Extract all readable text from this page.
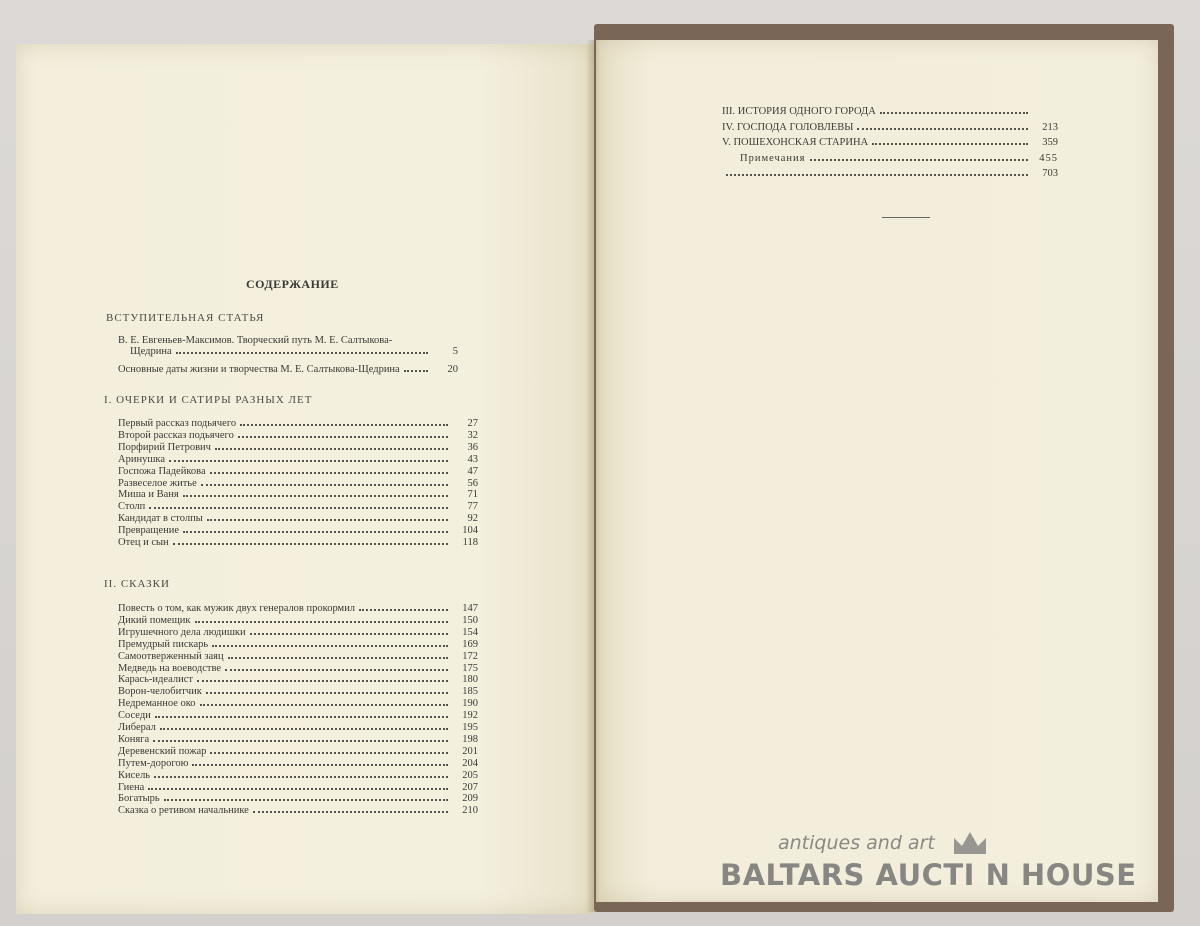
СОДЕРЖАНИЕ
ВСТУПИТЕЛЬНАЯ СТАТЬЯ
В. Е. Евгеньев-Максимов. Творческий путь М. Е. Салтыкова-
Щедрина	5
Основные даты жизни и творчества М. Е. Салтыкова-Щедрина	20
I. ОЧЕРКИ И САТИРЫ РАЗНЫХ ЛЕТ
Первый рассказ подьячего	27
Второй рассказ подьячего	32
Порфирий Петрович	36
Аринушка	43
Госпожа Падейкова	47
Развеселое житье	56
Миша и Ваня	71
Столп	77
Кандидат в столпы	92
Превращение	104
Отец и сын	118
II. СКАЗКИ
Повесть о том, как мужик двух генералов прокормил	147
Дикий помещик	150
Игрушечного дела людишки	154
Премудрый пискарь	169
Самоотверженный заяц	172
Медведь на воеводстве	175
Карась-идеалист	180
Ворон-челобитчик	185
Недреманное око	190
Соседи	192
Либерал	195
Коняга	198
Деревенский пожар	201
Путем-дорогою	204
Кисель	205
Гиена	207
Богатырь	209
Сказка о ретивом начальнике	210
III. ИСТОРИЯ ОДНОГО ГОРОДА
IV. ГОСПОДА ГОЛОВЛЕВЫ	213
V. ПОШЕХОНСКАЯ СТАРИНА	359
Примечания	455
703
antiques and art
BALTARS AUCTI N HOUSE
